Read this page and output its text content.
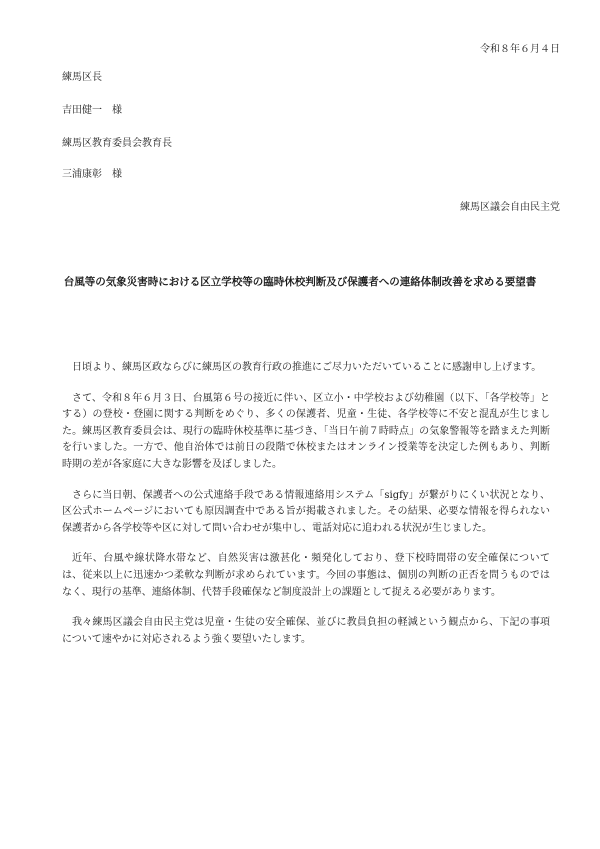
令和８年６月４日
練馬区長
吉田健一　様
練馬区教育委員会教育長
三浦康彰　様
練馬区議会自由民主党
台風等の気象災害時における区立学校等の臨時休校判断及び保護者への連絡体制改善を求める要望書

日頃より、練馬区政ならびに練馬区の教育行政の推進にご尽力いただいていることに感謝申し上げます。

さて、令和８年６月３日、台風第６号の接近に伴い、区立小・中学校および幼稚園（以下、「各学校等」とする）の登校・登園に関する判断をめぐり、多くの保護者、児童・生徒、各学校等に不安と混乱が生じました。練馬区教育委員会は、現行の臨時休校基準に基づき、「当日午前７時時点」の気象警報等を踏まえた判断を行いました。一方で、他自治体では前日の段階で休校またはオンライン授業等を決定した例もあり、判断時期の差が各家庭に大きな影響を及ぼしました。

さらに当日朝、保護者への公式連絡手段である情報連絡用システム「sigfy」が繋がりにくい状況となり、区公式ホームページにおいても原因調査中である旨が掲載されました。その結果、必要な情報を得られない保護者から各学校等や区に対して問い合わせが集中し、電話対応に追われる状況が生じました。

近年、台風や線状降水帯など、自然災害は激甚化・頻発化しており、登下校時間帯の安全確保については、従来以上に迅速かつ柔軟な判断が求められています。今回の事態は、個別の判断の正否を問うものではなく、現行の基準、連絡体制、代替手段確保など制度設計上の課題として捉える必要があります。

我々練馬区議会自由民主党は児童・生徒の安全確保、並びに教員負担の軽減という観点から、下記の事項について速やかに対応されるよう強く要望いたします。
